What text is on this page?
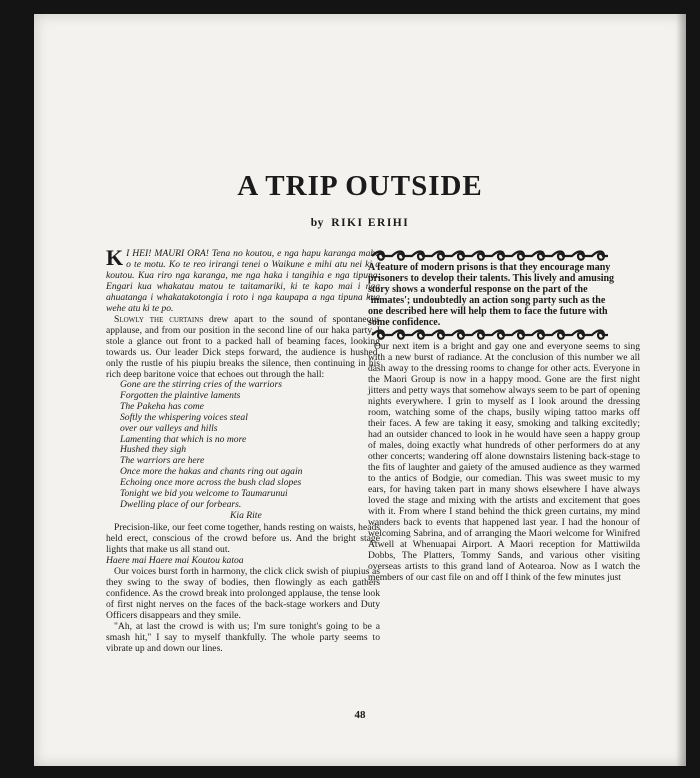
A TRIP OUTSIDE
by RIKI ERIHI

K I HEI! MAURI ORA! Tena no koutou, e nga hapu karanga maha o te motu. Ko te reo irirangi tenei o Waikune e mihi atu nei ki a koutou. Kua riro nga karanga, me nga haka i tangihia e nga tipuna. Engari kua whakatau matou te taitamariki, ki te kapo mai i nga ahuatanga i whakatakotongia i roto i nga kaupapa a nga tipuna kua wehe atu ki te po.

Slowly the curtains drew apart to the sound of spontaneous applause, and from our position in the second line of our haka party, I stole a glance out front to a packed hall of beaming faces, looking towards us. Our leader Dick steps forward, the audience is hushed, only the rustle of his piupiu breaks the silence, then continuing in his rich deep baritone voice that echoes out through the hall:

Gone are the stirring cries of the warriors
Forgotten the plaintive laments
The Pakeha has come
Softly the whispering voices steal
over our valleys and hills
Lamenting that which is no more
Hushed they sigh
The warriors are here
Once more the hakas and chants ring out again
Echoing once more across the bush clad slopes
Tonight we bid you welcome to Taumarunui
Dwelling place of our forbears.
Kia Rite

Precision-like, our feet come together, hands resting on waists, heads held erect, conscious of the crowd before us. And the bright stage lights that make us all stand out.

Haere mai Haere mai Koutou katoa

Our voices burst forth in harmony, the click click swish of piupius as they swing to the sway of bodies, then flowingly as each gathers confidence. As the crowd break into prolonged applause, the tense look of first night nerves on the faces of the back-stage workers and Duty Officers disappears and they smile.

"Ah, at last the crowd is with us; I'm sure tonight's going to be a smash hit," I say to myself thankfully. The whole party seems to vibrate up and down our lines.

A feature of modern prisons is that they encourage many prisoners to develop their talents. This lively and amusing story shows a wonderful response on the part of the 'inmates'; undoubtedly an action song party such as the one described here will help them to face the future with some confidence.

Our next item is a bright and gay one and everyone seems to sing with a new burst of radiance. At the conclusion of this number we all dash away to the dressing rooms to change for other acts. Everyone in the Maori Group is now in a happy mood. Gone are the first night jitters and petty ways that somehow always seem to be part of opening nights everywhere. I grin to myself as I look around the dressing room, watching some of the chaps, busily wiping tattoo marks off their faces. A few are taking it easy, smoking and talking excitedly; had an outsider chanced to look in he would have seen a happy group of males, doing exactly what hundreds of other performers do at any other concerts; wandering off alone downstairs listening back-stage to the fits of laughter and gaiety of the amused audience as they warmed to the antics of Bodgie, our comedian. This was sweet music to my ears, for having taken part in many shows elsewhere I have always loved the stage and mixing with the artists and excitement that goes with it. From where I stand behind the thick green curtains, my mind wanders back to events that happened last year. I had the honour of welcoming Sabrina, and of arranging the Maori welcome for Winifred Atwell at Whenuapai Airport. A Maori reception for Mattiwilda Dobbs, The Platters, Tommy Sands, and various other visiting overseas artists to this grand land of Aotearoa. Now as I watch the members of our cast file on and off I think of the few minutes just

48
